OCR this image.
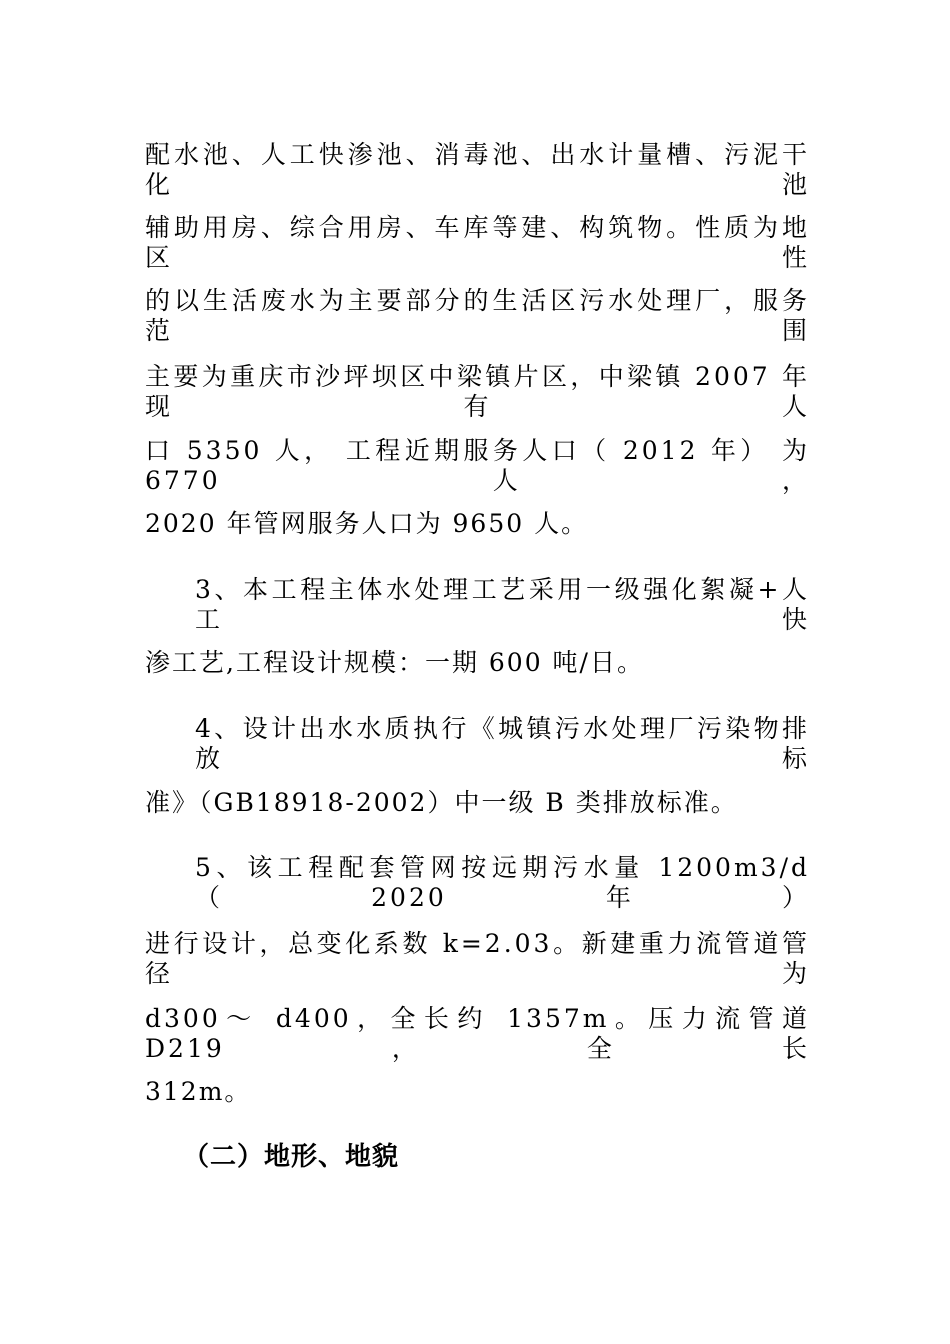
配水池、人工快渗池、消毒池、出水计量槽、污泥干化池
辅助用房、综合用房、车库等建、构筑物。性质为地区性
的以生活废水为主要部分的生活区污水处理厂，服务范围
主要为重庆市沙坪坝区中梁镇片区，中梁镇 2007 年现有人
口 5350 人， 工程近期服务人口（ 2012 年） 为 6770 人，
2020 年管网服务人口为 9650 人。
3、本工程主体水处理工艺采用一级强化絮凝+人工快
渗工艺,工程设计规模：一期 600 吨/日。
4、设计出水水质执行《城镇污水处理厂污染物排放标
准》（GB18918-2002）中一级 B 类排放标准。
5、该工程配套管网按远期污水量 1200m3/d（2020 年）
进行设计，总变化系数 k=2.03。新建重力流管道管径为
d300～ d400，全长约 1357m。压力流管道 D219，全长
312m。
（二）地形、地貌
